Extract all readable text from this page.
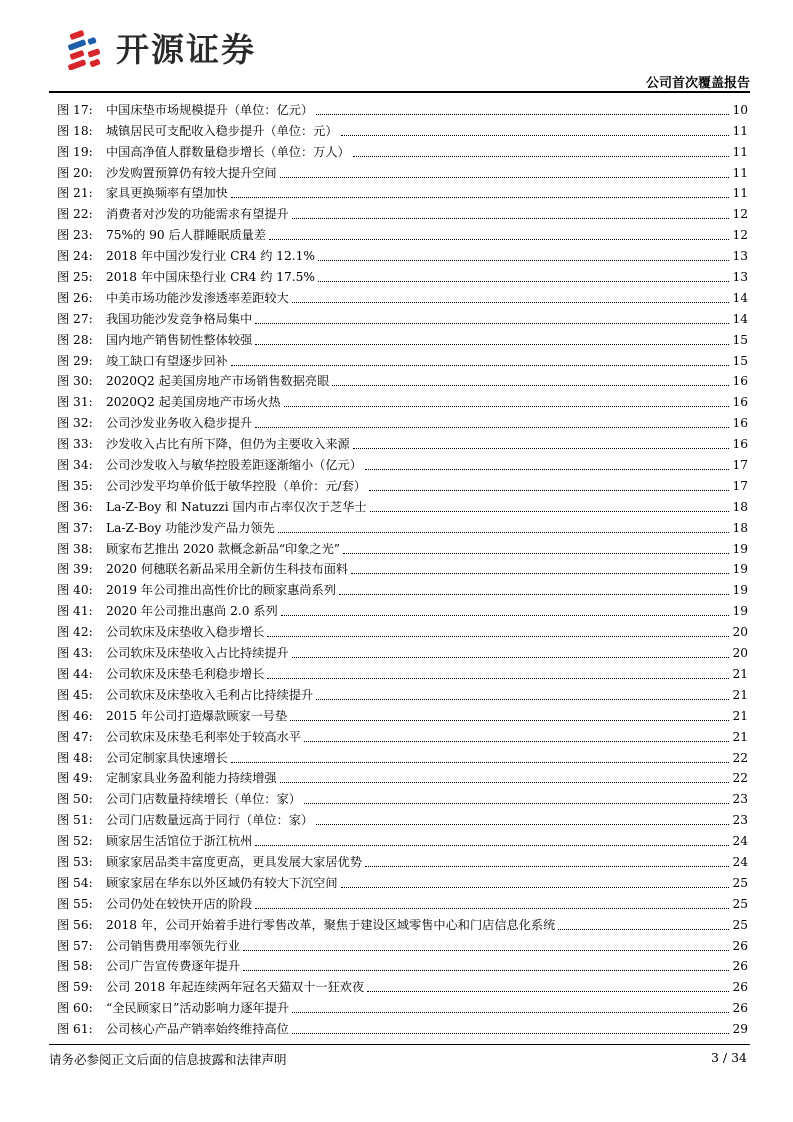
开源证券
公司首次覆盖报告
图 17:	中国床垫市场规模提升（单位：亿元）	10
图 18:	城镇居民可支配收入稳步提升（单位：元）	11
图 19:	中国高净值人群数量稳步增长（单位：万人）	11
图 20:	沙发购置预算仍有较大提升空间	11
图 21:	家具更换频率有望加快	11
图 22:	消费者对沙发的功能需求有望提升	12
图 23:	75%的 90 后人群睡眠质量差	12
图 24:	2018 年中国沙发行业 CR4 约 12.1%	13
图 25:	2018 年中国床垫行业 CR4 约 17.5%	13
图 26:	中美市场功能沙发渗透率差距较大	14
图 27:	我国功能沙发竞争格局集中	14
图 28:	国内地产销售韧性整体较强	15
图 29:	竣工缺口有望逐步回补	15
图 30:	2020Q2 起美国房地产市场销售数据亮眼	16
图 31:	2020Q2 起美国房地产市场火热	16
图 32:	公司沙发业务收入稳步提升	16
图 33:	沙发收入占比有所下降，但仍为主要收入来源	16
图 34:	公司沙发收入与敏华控股差距逐渐缩小（亿元）	17
图 35:	公司沙发平均单价低于敏华控股（单价：元/套）	17
图 36:	La-Z-Boy 和 Natuzzi 国内市占率仅次于芝华士	18
图 37:	La-Z-Boy 功能沙发产品力领先	18
图 38:	顾家布艺推出 2020 款概念新品“印象之光”	19
图 39:	2020 何穗联名新品采用全新仿生科技布面料	19
图 40:	2019 年公司推出高性价比的顾家惠尚系列	19
图 41:	2020 年公司推出惠尚 2.0 系列	19
图 42:	公司软床及床垫收入稳步增长	20
图 43:	公司软床及床垫收入占比持续提升	20
图 44:	公司软床及床垫毛利稳步增长	21
图 45:	公司软床及床垫收入毛利占比持续提升	21
图 46:	2015 年公司打造爆款顾家一号垫	21
图 47:	公司软床及床垫毛利率处于较高水平	21
图 48:	公司定制家具快速增长	22
图 49:	定制家具业务盈利能力持续增强	22
图 50:	公司门店数量持续增长（单位：家）	23
图 51:	公司门店数量远高于同行（单位：家）	23
图 52:	顾家居生活馆位于浙江杭州	24
图 53:	顾家家居品类丰富度更高，更具发展大家居优势	24
图 54:	顾家家居在华东以外区域仍有较大下沉空间	25
图 55:	公司仍处在较快开店的阶段	25
图 56:	2018 年，公司开始着手进行零售改革，聚焦于建设区域零售中心和门店信息化系统	25
图 57:	公司销售费用率领先行业	26
图 58:	公司广告宣传费逐年提升	26
图 59:	公司 2018 年起连续两年冠名天猫双十一狂欢夜	26
图 60:	“全民顾家日”活动影响力逐年提升	26
图 61:	公司核心产品产销率始终维持高位	29
请务必参阅正文后面的信息披露和法律声明	3 / 34
